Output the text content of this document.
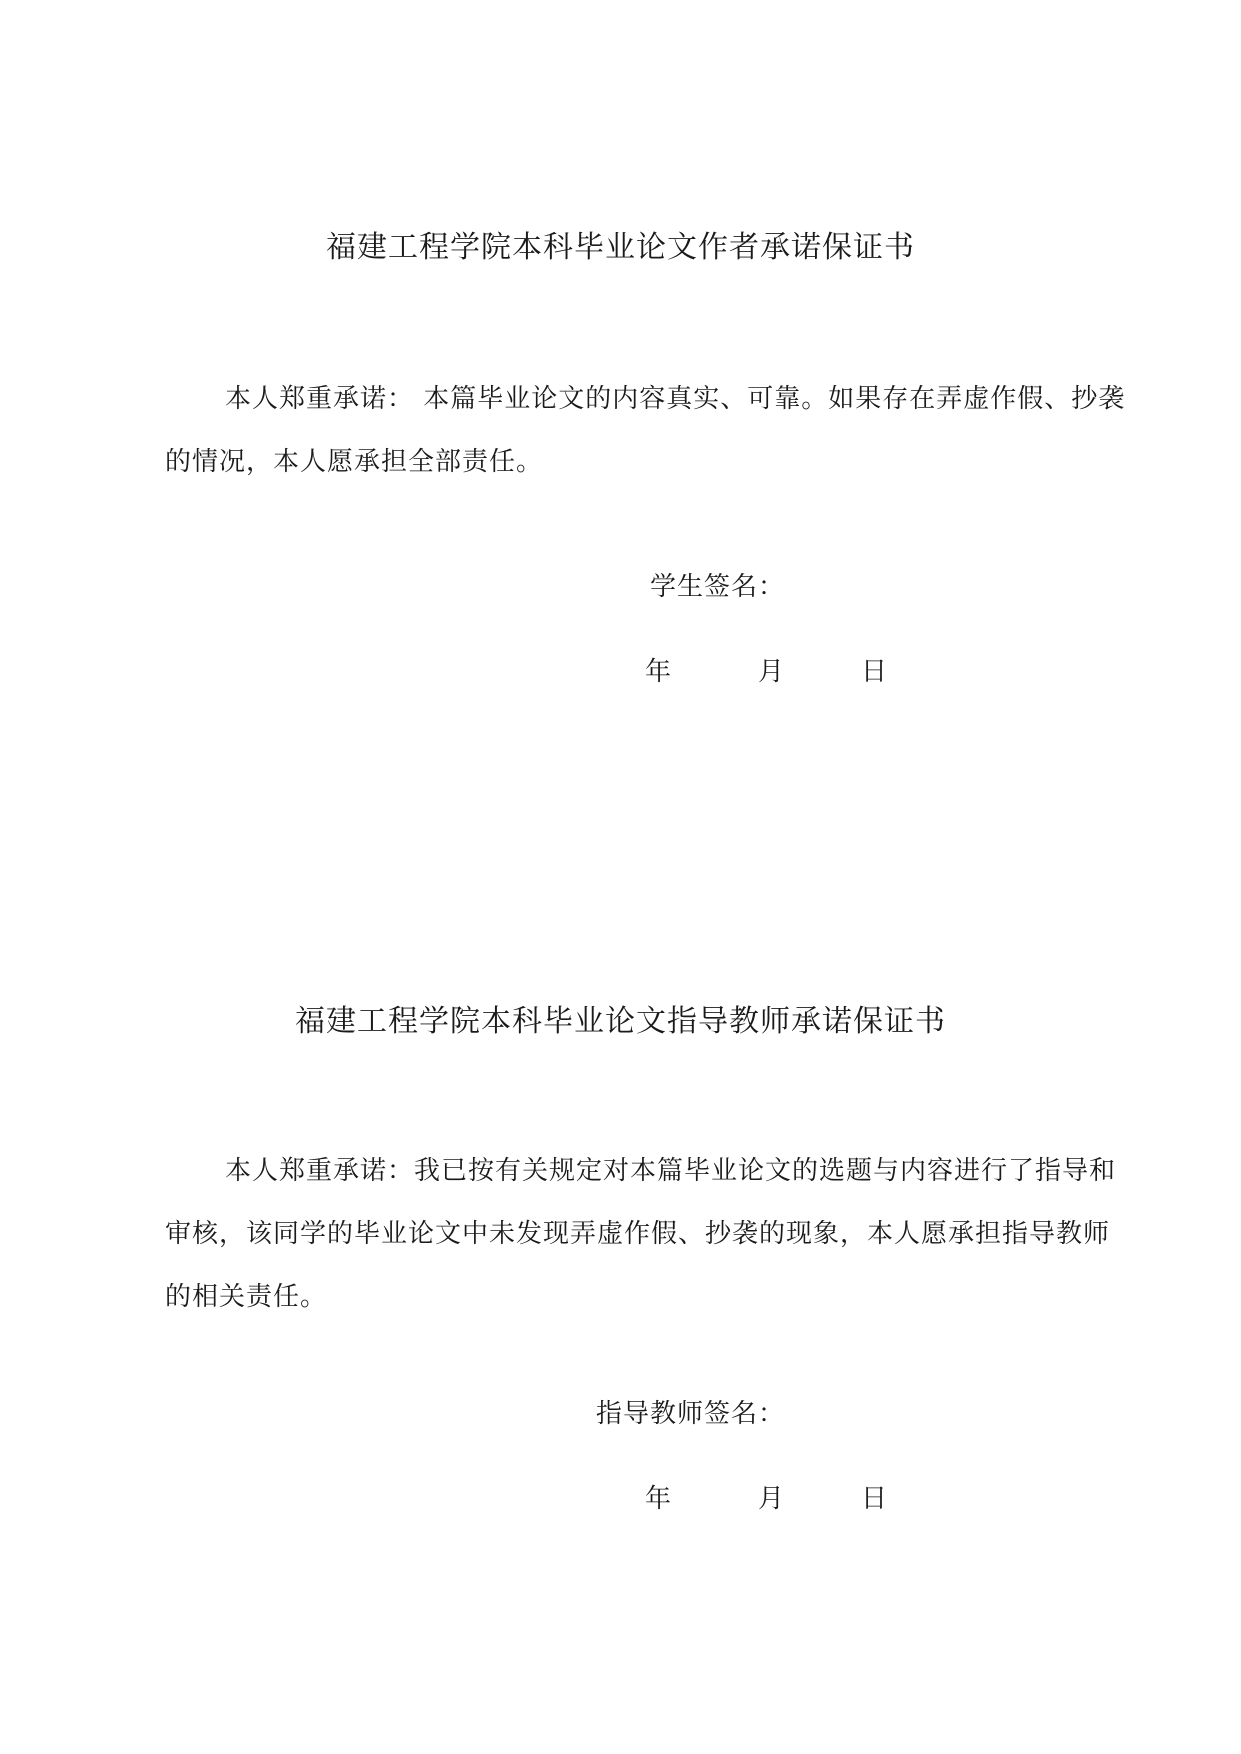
福建工程学院本科毕业论文作者承诺保证书

本人郑重承诺： 本篇毕业论文的内容真实、可靠。如果存在弄虚作假、抄袭的情况，本人愿承担全部责任。

学生签名：
年	月	日
福建工程学院本科毕业论文指导教师承诺保证书

本人郑重承诺：我已按有关规定对本篇毕业论文的选题与内容进行了指导和审核，该同学的毕业论文中未发现弄虚作假、抄袭的现象，本人愿承担指导教师的相关责任。

指导教师签名：
年	月	日
